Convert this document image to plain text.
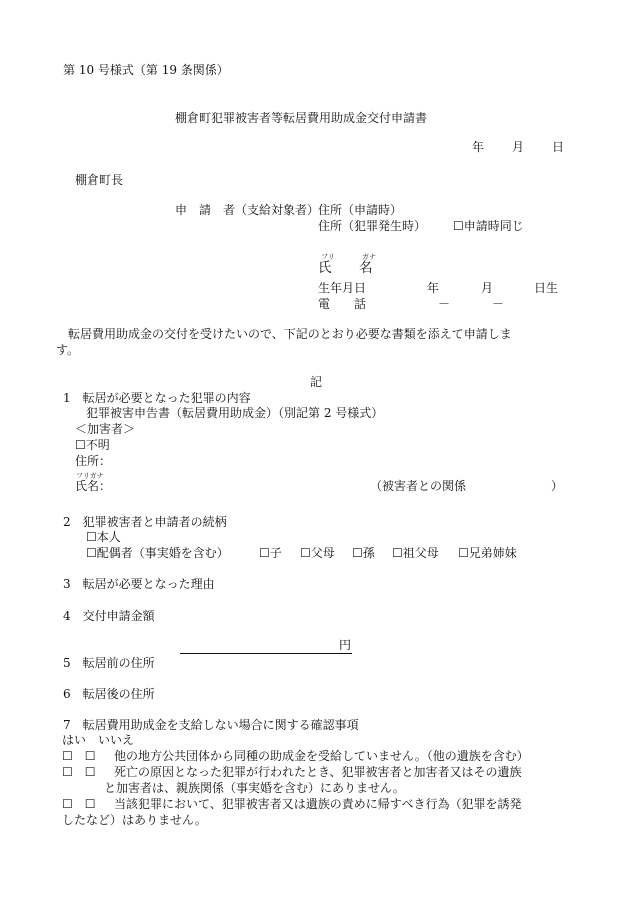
第 10 号様式（第 19 条関係）
棚倉町犯罪被害者等転居費用助成金交付申請書
年 月 日
棚倉町長
申　請　者（支給対象者）
住所（申請時）
住所（犯罪発生時） ☐申請時同じ
フリ	ガナ
氏 名
生年月日	年	月	日生
電　　話	－	－
転居費用助成金の交付を受けたいので、下記のとおり必要な書類を添えて申請しま
す。
記
1　転居が必要となった犯罪の内容
犯罪被害申告書（転居費用助成金）（別記第 2 号様式）
＜加害者＞
☐不明
住所：
フリガナ
氏名：	（被害者との関係	）
2　犯罪被害者と申請者の続柄
☐本人
☐配偶者（事実婚を含む）	☐子 ☐父母 ☐孫 ☐祖父母 ☐兄弟姉妹
3　転居が必要となった理由
4　交付申請金額
円
5　転居前の住所
6　転居後の住所
7　転居費用助成金を支給しない場合に関する確認事項
はい　いいえ
☐　☐ 他の地方公共団体から同種の助成金を受給していません。（他の遺族を含む）
☐　☐ 死亡の原因となった犯罪が行われたとき、犯罪被害者と加害者又はその遺族
と加害者は、親族関係（事実婚を含む）にありません。
☐　☐ 当該犯罪において、犯罪被害者又は遺族の責めに帰すべき行為（犯罪を誘発
したなど）はありません。
